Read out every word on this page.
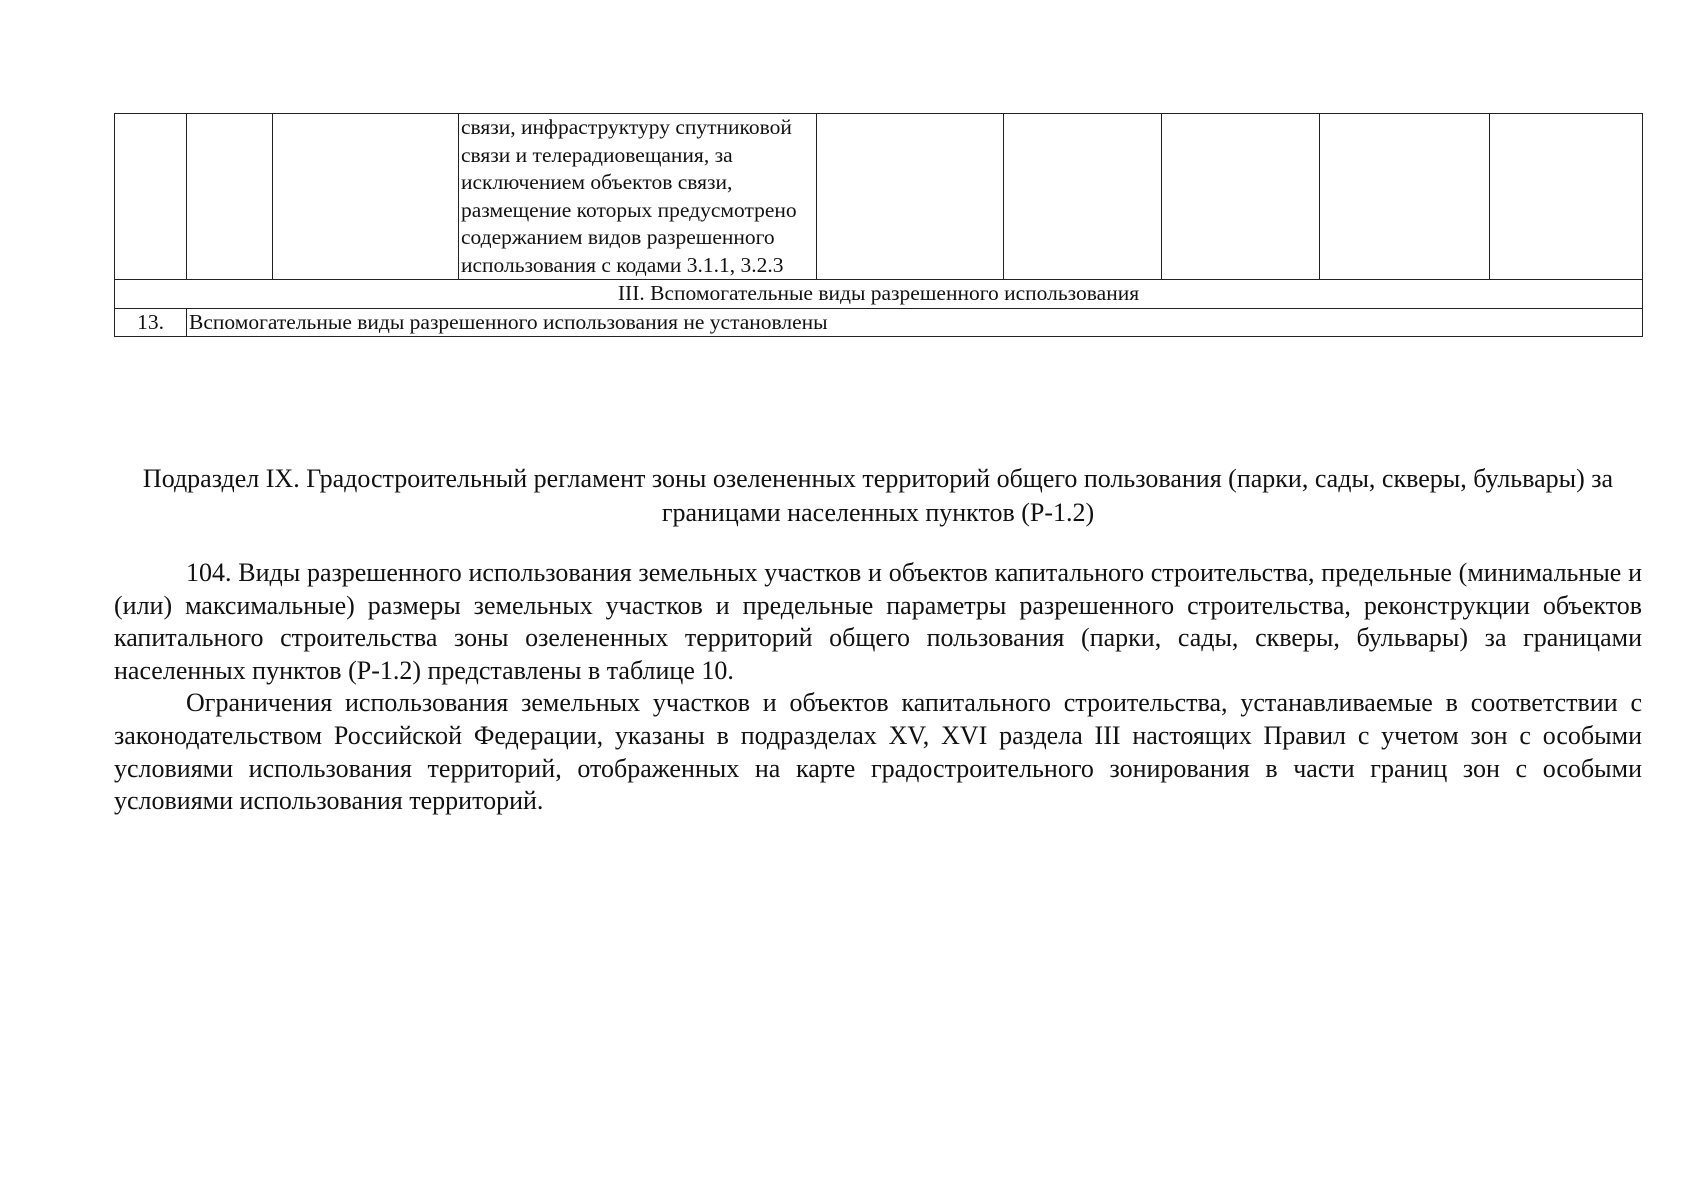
			связи, инфраструктуру спутниковой связи и телерадиовещания, за исключением объектов связи, размещение которых предусмотрено содержанием видов разрешенного использования с кодами 3.1.1, 3.2.3					
III. Вспомогательные виды разрешенного использования								
13.	Вспомогательные виды разрешенного использования не установлены							
Подраздел IX. Градостроительный регламент зоны озелененных территорий общего пользования (парки, сады, скверы, бульвары) за границами населенных пунктов (Р-1.2)

104. Виды разрешенного использования земельных участков и объектов капитального строительства, предельные (минимальные и (или) максимальные) размеры земельных участков и предельные параметры разрешенного строительства, реконструкции объектов капитального строительства зоны озелененных территорий общего пользования (парки, сады, скверы, бульвары) за границами населенных пунктов (Р-1.2) представлены в таблице 10.

Ограничения использования земельных участков и объектов капитального строительства, устанавливаемые в соответствии с законодательством Российской Федерации, указаны в подразделах XV, XVI раздела III настоящих Правил с учетом зон с особыми условиями использования территорий, отображенных на карте градостроительного зонирования в части границ зон с особыми условиями использования территорий.
